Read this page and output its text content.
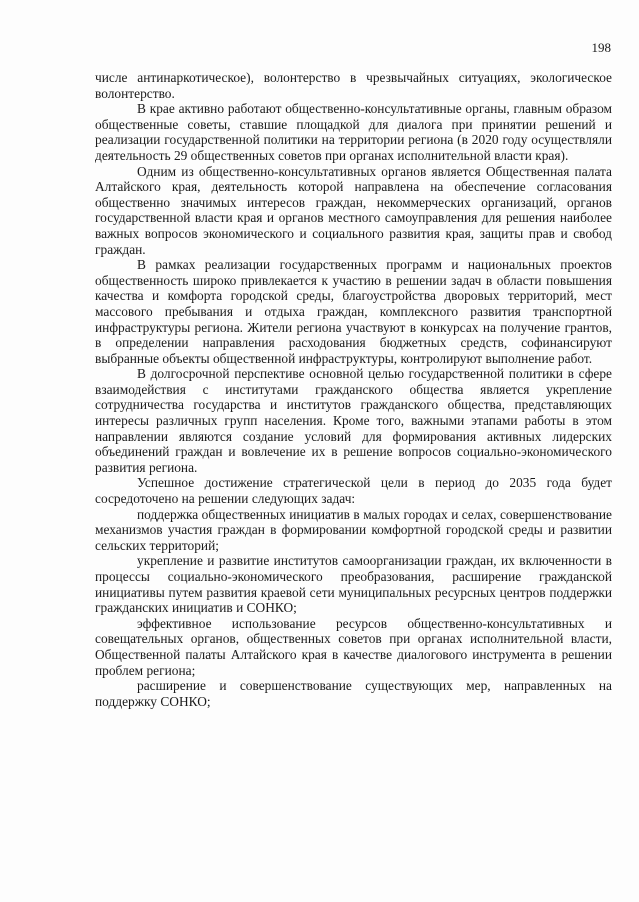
198

числе антинаркотическое), волонтерство в чрезвычайных ситуациях, экологическое волонтерство.

В крае активно работают общественно-консультативные органы, главным образом общественные советы, ставшие площадкой для диалога при принятии решений и реализации государственной политики на территории региона (в 2020 году осуществляли деятельность 29 общественных советов при органах исполнительной власти края).

Одним из общественно-консультативных органов является Общественная палата Алтайского края, деятельность которой направлена на обеспечение согласования общественно значимых интересов граждан, некоммерческих организаций, органов государственной власти края и органов местного самоуправления для решения наиболее важных вопросов экономического и социального развития края, защиты прав и свобод граждан.

В рамках реализации государственных программ и национальных проектов общественность широко привлекается к участию в решении задач в области повышения качества и комфорта городской среды, благоустройства дворовых территорий, мест массового пребывания и отдыха граждан, комплексного развития транспортной инфраструктуры региона. Жители региона участвуют в конкурсах на получение грантов, в определении направления расходования бюджетных средств, софинансируют выбранные объекты общественной инфраструктуры, контролируют выполнение работ.

В долгосрочной перспективе основной целью государственной политики в сфере взаимодействия с институтами гражданского общества является укрепление сотрудничества государства и институтов гражданского общества, представляющих интересы различных групп населения. Кроме того, важными этапами работы в этом направлении являются создание условий для формирования активных лидерских объединений граждан и вовлечение их в решение вопросов социально-экономического развития региона.

Успешное достижение стратегической цели в период до 2035 года будет сосредоточено на решении следующих задач:

поддержка общественных инициатив в малых городах и селах, совершенствование механизмов участия граждан в формировании комфортной городской среды и развитии сельских территорий;

укрепление и развитие институтов самоорганизации граждан, их включенности в процессы социально-экономического преобразования, расширение гражданской инициативы путем развития краевой сети муниципальных ресурсных центров поддержки гражданских инициатив и СОНКО;

эффективное использование ресурсов общественно-консультативных и совещательных органов, общественных советов при органах исполнительной власти, Общественной палаты Алтайского края в качестве диалогового инструмента в решении проблем региона;

расширение и совершенствование существующих мер, направленных на поддержку СОНКО;
